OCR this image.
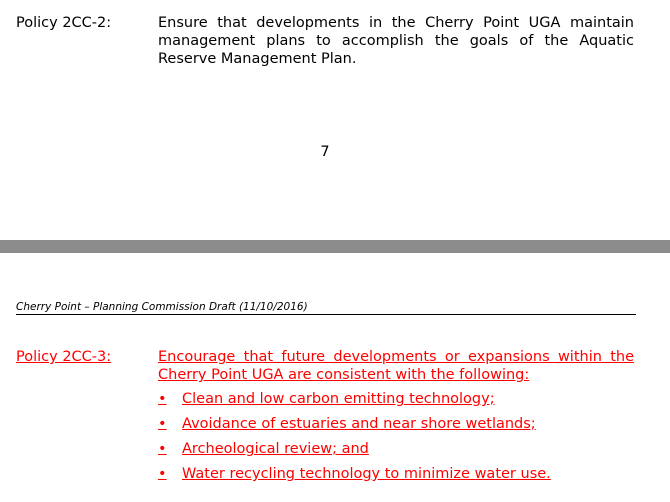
Policy 2CC-2:	Ensure that developments in the Cherry Point UGA maintain management plans to accomplish the goals of the Aquatic Reserve Management Plan.

7
Cherry Point – Planning Commission Draft (11/10/2016)

Policy 2CC-3:	Encourage that future developments or expansions within the Cherry Point UGA are consistent with the following:

•	Clean and low carbon emitting technology;
•	Avoidance of estuaries and near shore wetlands;
•	Archeological review; and
•	Water recycling technology to minimize water use.
